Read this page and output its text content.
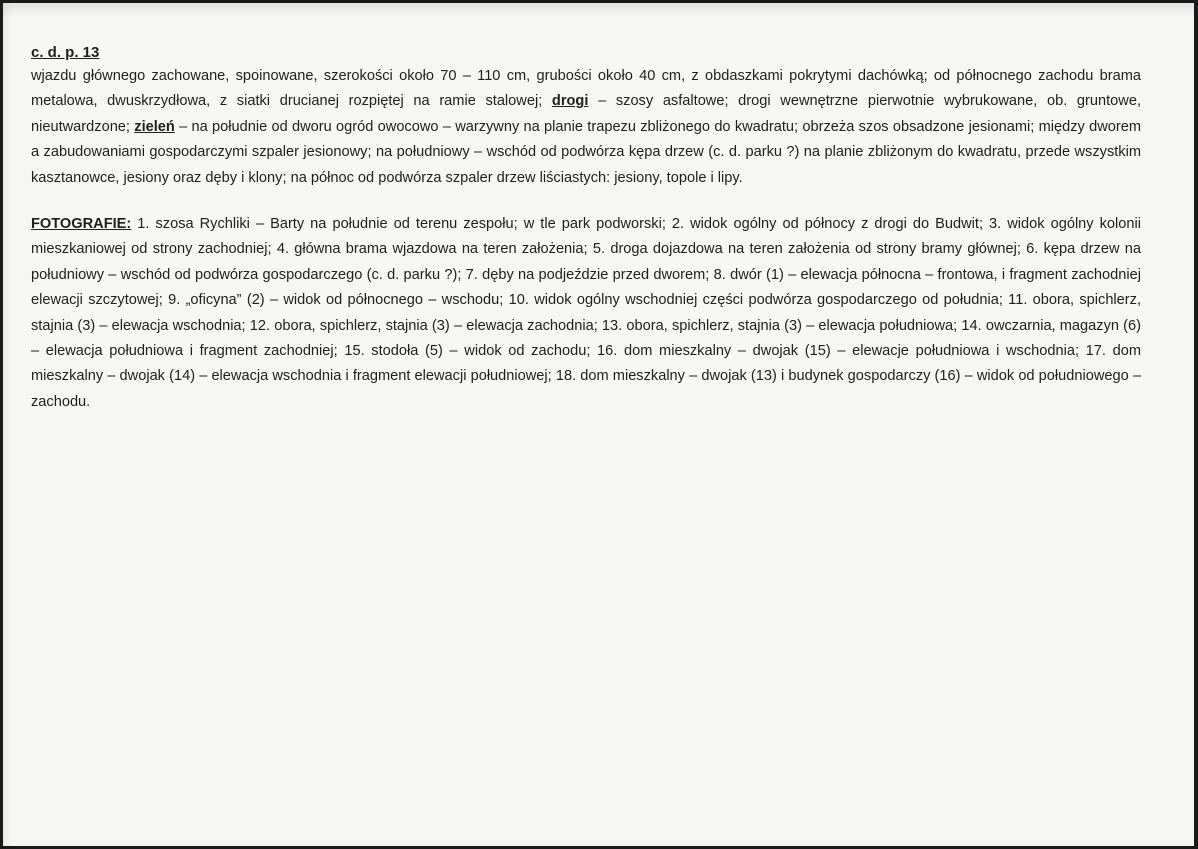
c. d. p. 13

wjazdu głównego zachowane, spoinowane, szerokości około 70 – 110 cm, grubości około 40 cm, z obdaszkami pokrytymi dachówką; od północnego zachodu brama metalowa, dwuskrzydłowa, z siatki drucianej rozpiętej na ramie stalowej; drogi – szosy asfaltowe; drogi wewnętrzne pierwotnie wybrukowane, ob. gruntowe, nieutwardzone; zieleń – na południe od dworu ogród owocowo – warzywny na planie trapezu zbliżonego do kwadratu; obrzeża szos obsadzone jesionami; między dworem a zabudowaniami gospodarczymi szpaler jesionowy; na południowy – wschód od podwórza kępa drzew (c. d. parku ?) na planie zbliżonym do kwadratu, przede wszystkim kasztanowce, jesiony oraz dęby i klony; na północ od podwórza szpaler drzew liściastych: jesiony, topole i lipy.

FOTOGRAFIE: 1. szosa Rychliki – Barty na południe od terenu zespołu; w tle park podworski; 2. widok ogólny od północy z drogi do Budwit; 3. widok ogólny kolonii mieszkaniowej od strony zachodniej; 4. główna brama wjazdowa na teren założenia; 5. droga dojazdowa na teren założenia od strony bramy głównej; 6. kępa drzew na południowy – wschód od podwórza gospodarczego (c. d. parku ?); 7. dęby na podjeździe przed dworem; 8. dwór (1) – elewacja północna – frontowa, i fragment zachodniej elewacji szczytowej; 9. „oficyna” (2) – widok od północnego – wschodu; 10. widok ogólny wschodniej części podwórza gospodarczego od południa; 11. obora, spichlerz, stajnia (3) – elewacja wschodnia; 12. obora, spichlerz, stajnia (3) – elewacja zachodnia; 13. obora, spichlerz, stajnia (3) – elewacja południowa; 14. owczarnia, magazyn (6) – elewacja południowa i fragment zachodniej; 15. stodoła (5) – widok od zachodu; 16. dom mieszkalny – dwojak (15) – elewacje południowa i wschodnia; 17. dom mieszkalny – dwojak (14) – elewacja wschodnia i fragment elewacji południowej; 18. dom mieszkalny – dwojak (13) i budynek gospodarczy (16) – widok od południowego – zachodu.
